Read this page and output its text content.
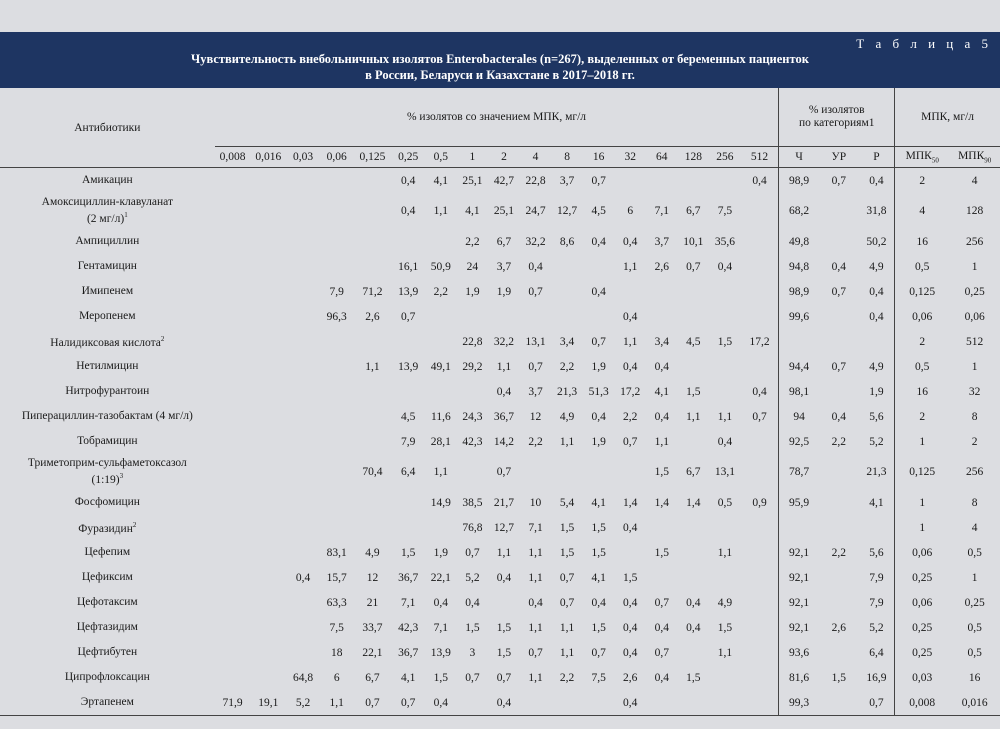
Т а б л и ц а 5
Чувствительность внебольничных изолятов Enterobacterales (n=267), выделенных от беременных пациенток
в России, Беларуси и Казахстане в 2017–2018 гг.
Антибиотики	% изолятов со значением МПК, мг/л																	% изолятов
по категориям1			МПК, мг/л	
	0,008	0,016	0,03	0,06	0,125	0,25	0,5	1	2	4	8	16	32	64	128	256	512	Ч	УР	Р	$МПК_{50}$	$МПК_{90}$
Амикацин						0,4	4,1	25,1	42,7	22,8	3,7	0,7					0,4	98,9	0,7	0,4	2	4
Амоксициллин-клавуланат
(2 мг/л)$^1$						0,4	1,1	4,1	25,1	24,7	12,7	4,5	6	7,1	6,7	7,5		68,2		31,8	4	128
Ампициллин								2,2	6,7	32,2	8,6	0,4	0,4	3,7	10,1	35,6		49,8		50,2	16	256
Гентамицин						16,1	50,9	24	3,7	0,4			1,1	2,6	0,7	0,4		94,8	0,4	4,9	0,5	1
Имипенем				7,9	71,2	13,9	2,2	1,9	1,9	0,7		0,4						98,9	0,7	0,4	0,125	0,25
Меропенем				96,3	2,6	0,7							0,4					99,6		0,4	0,06	0,06
Налидиксовая кислота$^2$								22,8	32,2	13,1	3,4	0,7	1,1	3,4	4,5	1,5	17,2				2	512
Нетилмицин					1,1	13,9	49,1	29,2	1,1	0,7	2,2	1,9	0,4	0,4				94,4	0,7	4,9	0,5	1
Нитрофурантоин									0,4	3,7	21,3	51,3	17,2	4,1	1,5		0,4	98,1		1,9	16	32
Пиперациллин-тазобактам (4 мг/л)						4,5	11,6	24,3	36,7	12	4,9	0,4	2,2	0,4	1,1	1,1	0,7	94	0,4	5,6	2	8
Тобрамицин						7,9	28,1	42,3	14,2	2,2	1,1	1,9	0,7	1,1		0,4		92,5	2,2	5,2	1	2
Триметоприм-сульфаметоксазол
(1:19)$^3$					70,4	6,4	1,1		0,7					1,5	6,7	13,1		78,7		21,3	0,125	256
Фосфомицин							14,9	38,5	21,7	10	5,4	4,1	1,4	1,4	1,4	0,5	0,9	95,9		4,1	1	8
Фуразидин$^2$								76,8	12,7	7,1	1,5	1,5	0,4								1	4
Цефепим				83,1	4,9	1,5	1,9	0,7	1,1	1,1	1,5	1,5		1,5		1,1		92,1	2,2	5,6	0,06	0,5
Цефиксим			0,4	15,7	12	36,7	22,1	5,2	0,4	1,1	0,7	4,1	1,5					92,1		7,9	0,25	1
Цефотаксим				63,3	21	7,1	0,4	0,4		0,4	0,7	0,4	0,4	0,7	0,4	4,9		92,1		7,9	0,06	0,25
Цефтазидим				7,5	33,7	42,3	7,1	1,5	1,5	1,1	1,1	1,5	0,4	0,4	0,4	1,5		92,1	2,6	5,2	0,25	0,5
Цефтибутен				18	22,1	36,7	13,9	3	1,5	0,7	1,1	0,7	0,4	0,7		1,1		93,6		6,4	0,25	0,5
Ципрофлоксацин			64,8	6	6,7	4,1	1,5	0,7	0,7	1,1	2,2	7,5	2,6	0,4	1,5			81,6	1,5	16,9	0,03	16
Эртапенем	71,9	19,1	5,2	1,1	0,7	0,7	0,4		0,4				0,4					99,3		0,7	0,008	0,016
